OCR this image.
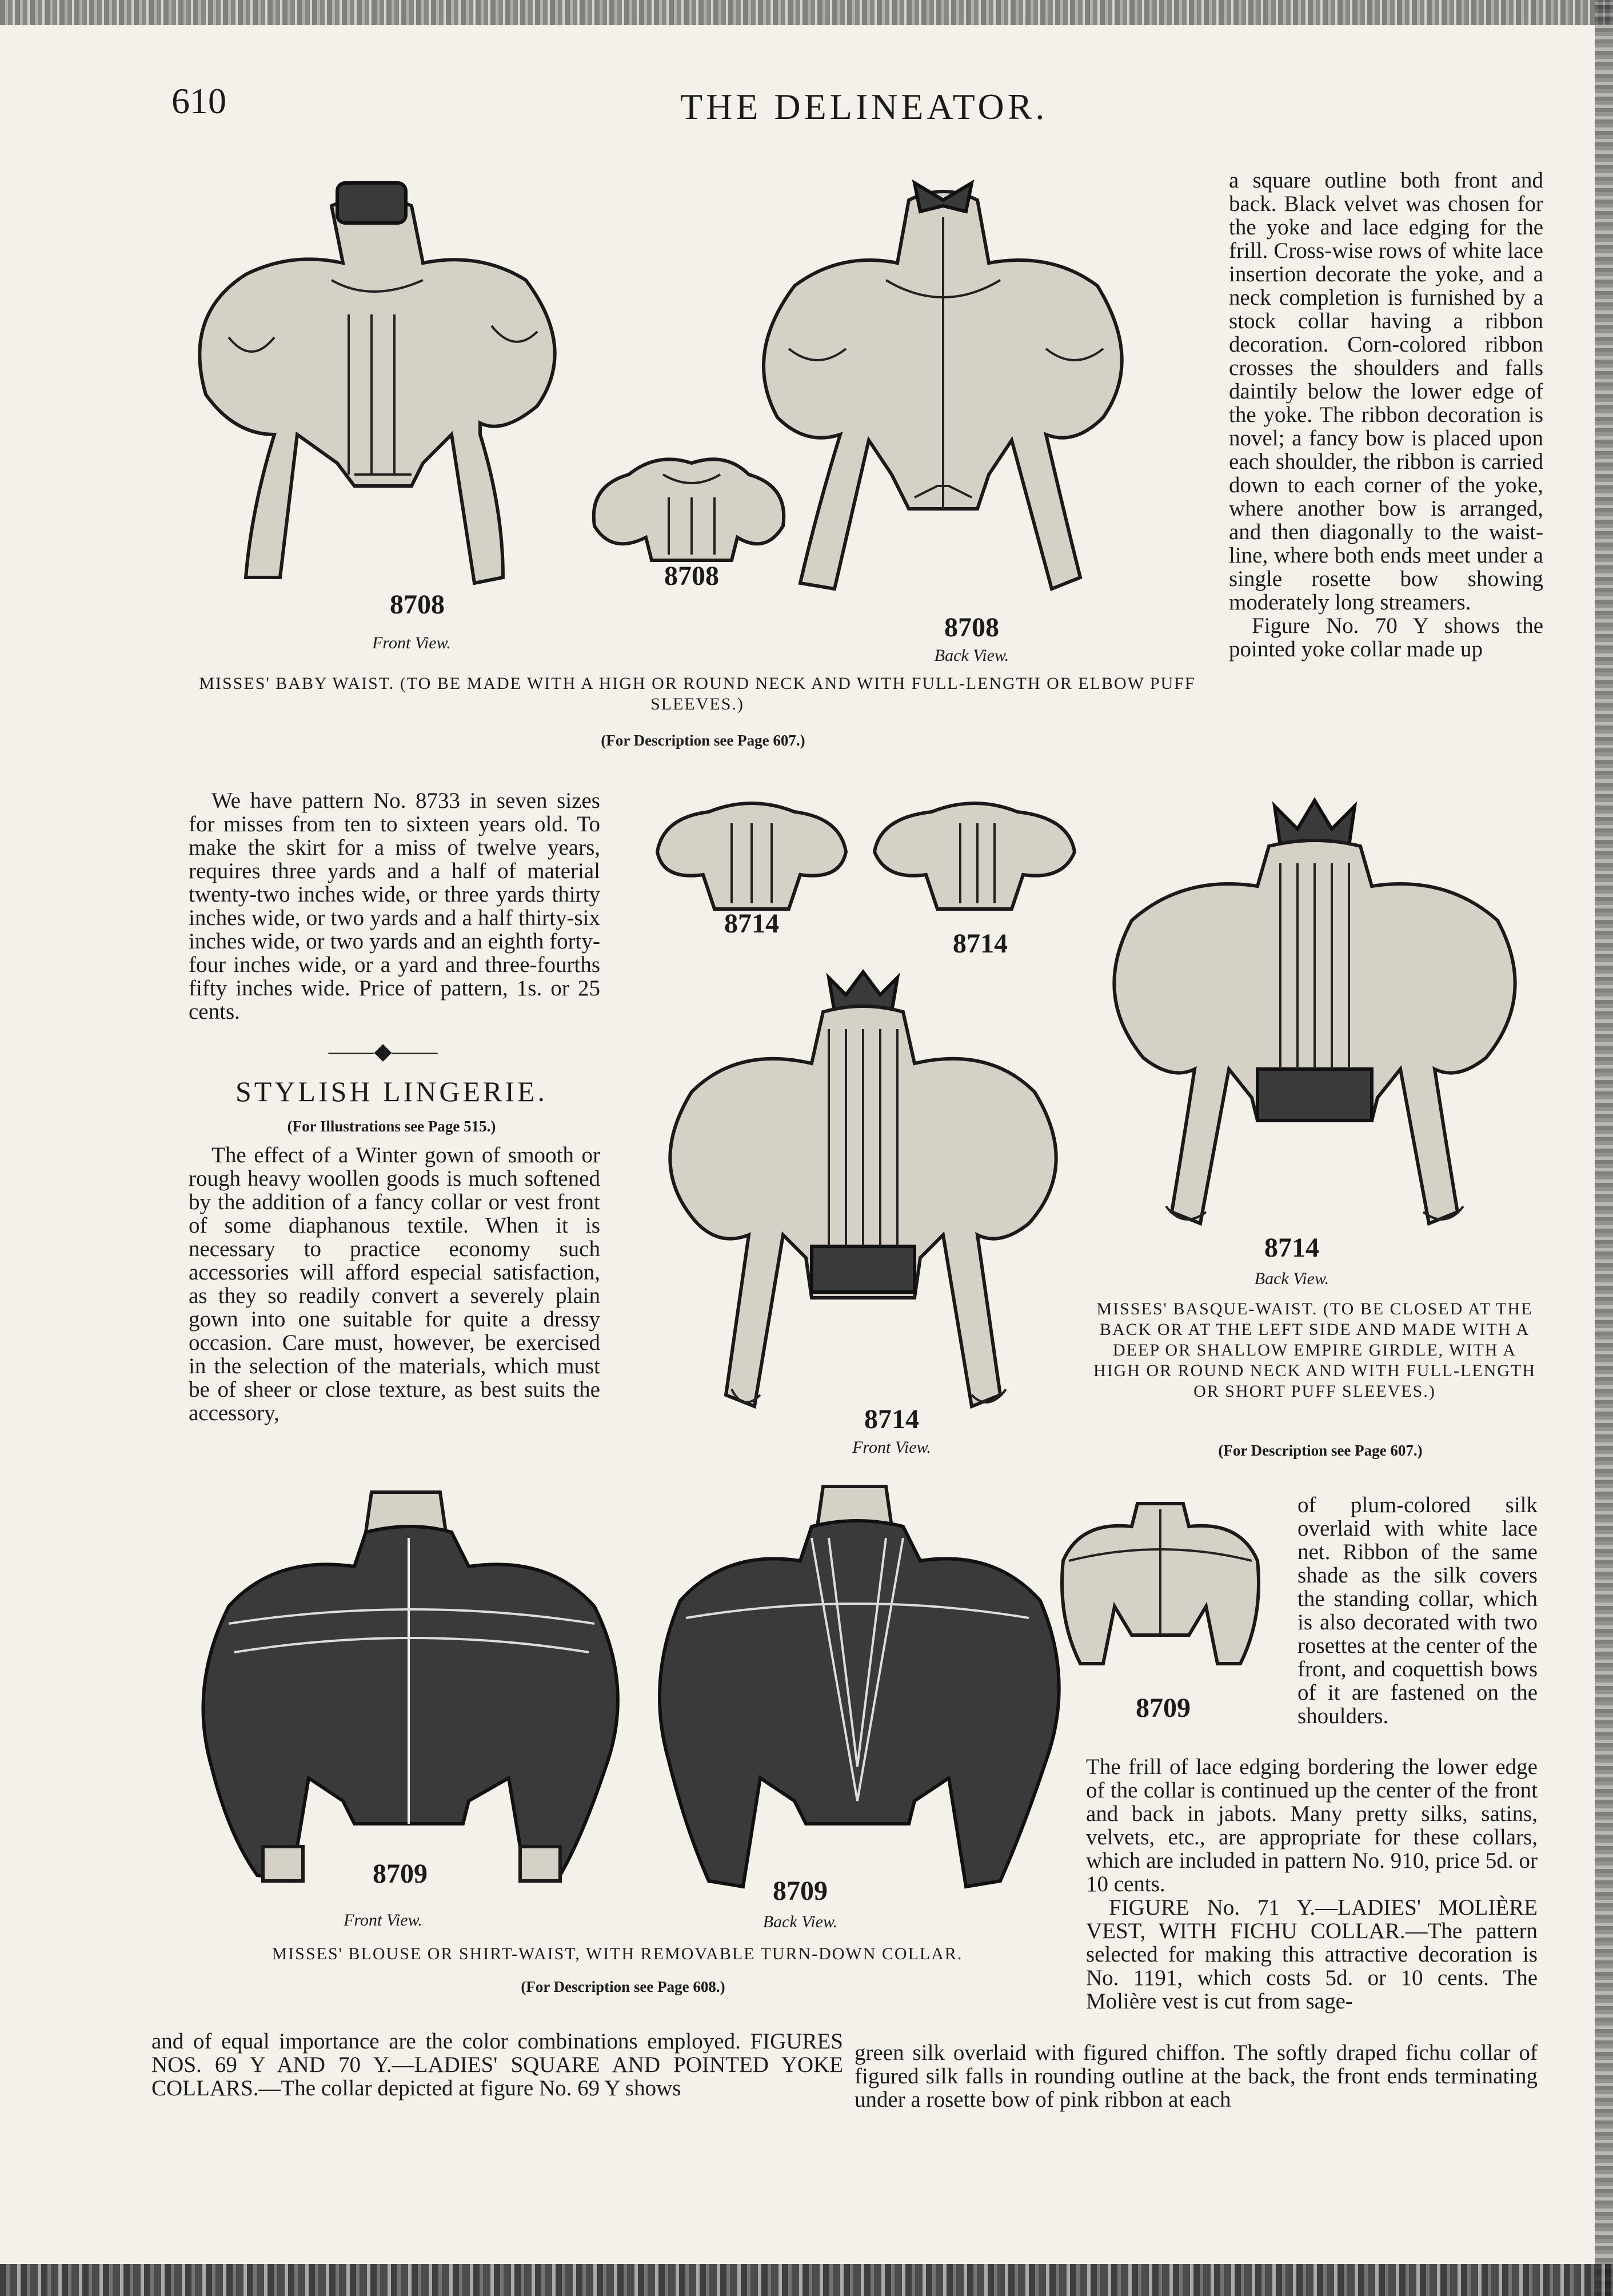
610	THE DELINEATOR.
8708
Front View.
8708
8708
Back View.
MISSES' BABY WAIST. (TO BE MADE WITH A HIGH OR ROUND NECK AND WITH FULL-LENGTH OR ELBOW PUFF SLEEVES.)
(For Description see Page 607.)

a square outline both front and back. Black velvet was chosen for the yoke and lace edging for the frill. Cross-wise rows of white lace insertion decorate the yoke, and a neck completion is furnished by a stock collar having a ribbon decoration. Corn-colored ribbon crosses the shoulders and falls daintily below the lower edge of the yoke. The ribbon decoration is novel; a fancy bow is placed upon each shoulder, the ribbon is carried down to each corner of the yoke, where another bow is arranged, and then diagonally to the waist-line, where both ends meet under a single rosette bow showing moderately long streamers.

Figure No. 70 Y shows the pointed yoke collar made up

We have pattern No. 8733 in seven sizes for misses from ten to sixteen years old. To make the skirt for a miss of twelve years, requires three yards and a half of material twenty-two inches wide, or three yards thirty inches wide, or two yards and a half thirty-six inches wide, or two yards and an eighth forty-four inches wide, or a yard and three-fourths fifty inches wide. Price of pattern, 1s. or 25 cents.

——◆——
STYLISH LINGERIE.
(For Illustrations see Page 515.)

The effect of a Winter gown of smooth or rough heavy woollen goods is much softened by the addition of a fancy collar or vest front of some diaphanous textile. When it is necessary to practice economy such accessories will afford especial satisfaction, as they so readily convert a severely plain gown into one suitable for quite a dressy occasion. Care must, however, be exercised in the selection of the materials, which must be of sheer or close texture, as best suits the accessory,

8714
8714
8714
Front View.
8714
Back View.
MISSES' BASQUE-WAIST. (TO BE CLOSED AT THE BACK OR AT THE LEFT SIDE AND MADE WITH A DEEP OR SHALLOW EMPIRE GIRDLE, WITH A HIGH OR ROUND NECK AND WITH FULL-LENGTH OR SHORT PUFF SLEEVES.)
(For Description see Page 607.)
8709
Front View.
8709
Back View.
8709
MISSES' BLOUSE OR SHIRT-WAIST, WITH REMOVABLE TURN-DOWN COLLAR.
(For Description see Page 608.)

of plum-colored silk overlaid with white lace net. Ribbon of the same shade as the silk covers the standing collar, which is also decorated with two rosettes at the center of the front, and coquettish bows of it are fastened on the shoulders.

The frill of lace edging bordering the lower edge of the collar is continued up the center of the front and back in jabots. Many pretty silks, satins, velvets, etc., are appropriate for these collars, which are included in pattern No. 910, price 5d. or 10 cents.

FIGURE No. 71 Y.—LADIES' MOLIÈRE VEST, WITH FICHU COLLAR.—The pattern selected for making this attractive decoration is No. 1191, which costs 5d. or 10 cents. The Molière vest is cut from sage-

and of equal importance are the color combinations employed. FIGURES NOS. 69 Y AND 70 Y.—LADIES' SQUARE AND POINTED YOKE COLLARS.—The collar depicted at figure No. 69 Y shows

green silk overlaid with figured chiffon. The softly draped fichu collar of figured silk falls in rounding outline at the back, the front ends terminating under a rosette bow of pink ribbon at each
